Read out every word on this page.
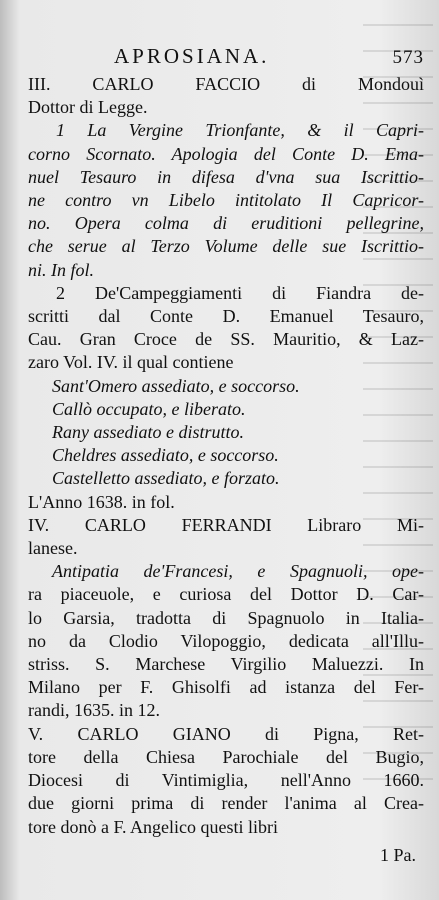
APROSIANA.	573
III. CARLO FACCIO di Mondouì
Dottor di Legge.
1 La Vergine Trionfante, & il Capri-
corno Scornato. Apologia del Conte D. Ema-
nuel Tesauro in difesa d'vna sua Iscrittio-
ne contro vn Libelo intitolato Il Capricor-
no. Opera colma di eruditioni pellegrine,
che serue al Terzo Volume delle sue Iscrittio-
ni. In fol.
2 De'Campeggiamenti di Fiandra de-
scritti dal Conte D. Emanuel Tesauro,
Cau. Gran Croce de SS. Mauritio, & Laz-
zaro Vol. IV. il qual contiene
Sant'Omero assediato, e soccorso.
Callò occupato, e liberato.
Rany assediato e distrutto.
Cheldres assediato, e soccorso.
Castelletto assediato, e forzato.
L'Anno 1638. in fol.
IV. CARLO FERRANDI Libraro Mi-
lanese.
Antipatia de'Francesi, e Spagnuoli, ope-
ra piaceuole, e curiosa del Dottor D. Car-
lo Garsia, tradotta di Spagnuolo in Italia-
no da Clodio Vilopoggio, dedicata all'Illu-
striss. S. Marchese Virgilio Maluezzi. In
Milano per F. Ghisolfi ad istanza del Fer-
randi, 1635. in 12.
V. CARLO GIANO di Pigna, Ret-
tore della Chiesa Parochiale del Bugio,
Diocesi di Vintimiglia, nell'Anno 1660.
due giorni prima di render l'anima al Crea-
tore donò a F. Angelico questi libri
1 Pa.
